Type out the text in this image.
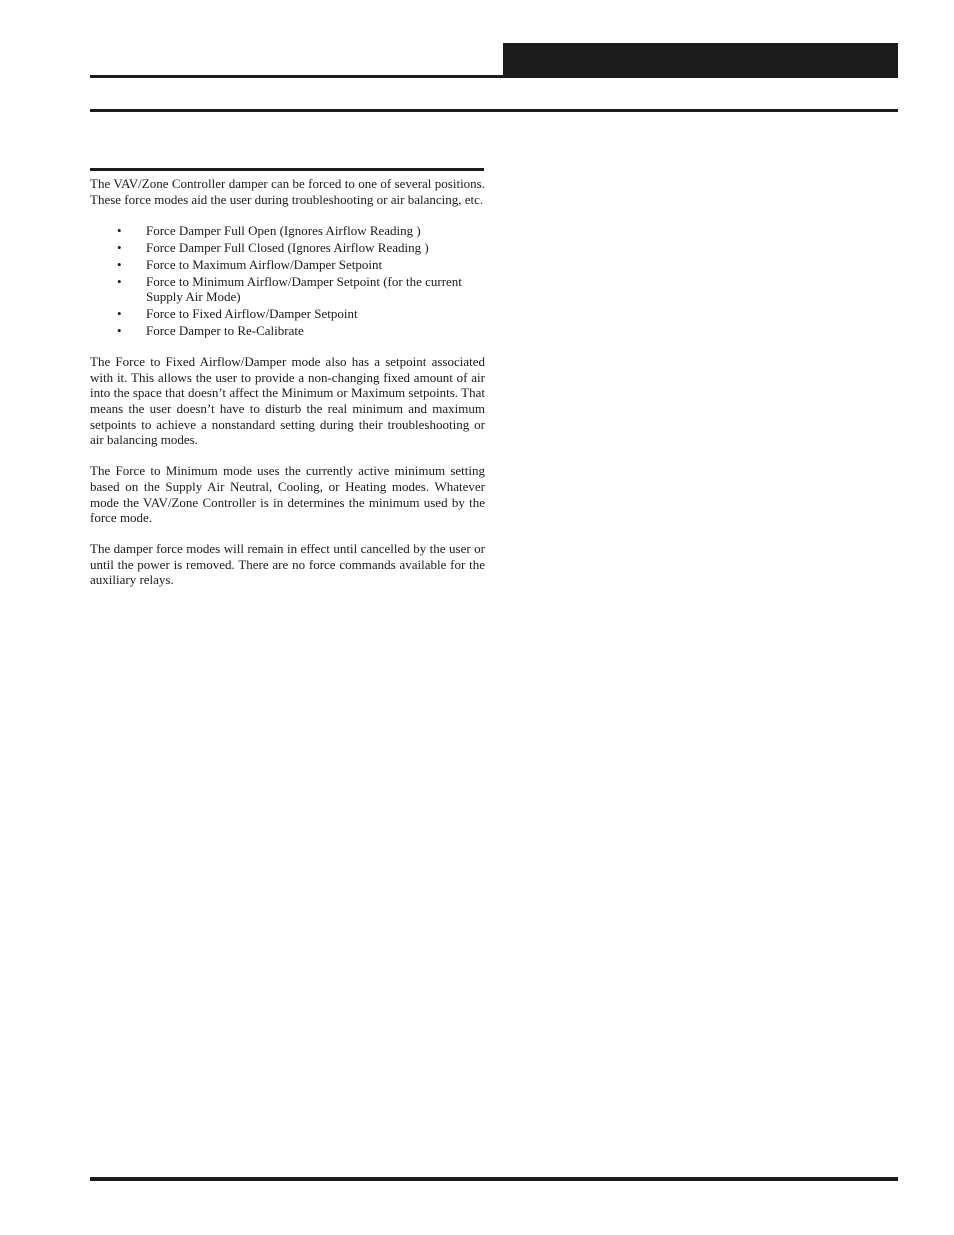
The VAV/Zone Controller damper can be forced to one of several positions. These force modes aid the user during troubleshooting or air balancing, etc.

• Force Damper Full Open (Ignores Airflow Reading )
• Force Damper Full Closed (Ignores Airflow Reading )
• Force to Maximum Airflow/Damper Setpoint
• Force to Minimum Airflow/Damper Setpoint (for the current Supply Air Mode)
• Force to Fixed Airflow/Damper Setpoint
• Force Damper to Re-Calibrate

The Force to Fixed Airflow/Damper mode also has a setpoint associated with it. This allows the user to provide a non-changing fixed amount of air into the space that doesn’t affect the Minimum or Maximum setpoints. That means the user doesn’t have to disturb the real minimum and maximum setpoints to achieve a nonstandard setting during their troubleshooting or air balancing modes.

The Force to Minimum mode uses the currently active minimum setting based on the Supply Air Neutral, Cooling, or Heating modes. Whatever mode the VAV/Zone Controller is in determines the minimum used by the force mode.

The damper force modes will remain in effect until cancelled by the user or until the power is removed. There are no force commands available for the auxiliary relays.
